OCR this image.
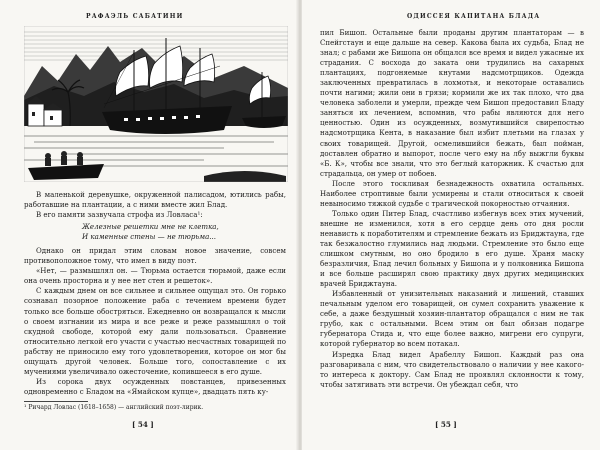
РАФАЭЛЬ САБАТИНИ

В маленькой деревушке, окруженной палисадом, ютились рабы, работавшие на плантации, а с ними вместе жил Блад.

В его памяти зазвучала строфа из Ловласа¹:

Железные решетки мне не клетка,
И каменные стены — не тюрьма...

Однако он придал этим словам новое значение, совсем противоположное тому, что имел в виду поэт.

«Нет, — размышлял он. — Тюрьма остается тюрьмой, даже если она очень просторна и у нее нет стен и решеток».

С каждым днем он все сильнее и сильнее ощущал это. Он горько сознавал позорное положение раба с течением времени будет только все больше обостряться. Ежедневно он возвращался к мысли о своем изгнании из мира и все реже и реже размышлял о той скудной свободе, которой ему дали пользоваться. Сравнение относительно легкой его участи с участью несчастных товарищей по рабству не приносило ему того удовлетворения, которое он мог бы ощущать другой человек. Больше того, сопоставление с их мучениями увеличивало ожесточение, копившееся в его душе.

Из сорока двух осужденных повстанцев, привезенных одновременно с Бладом на «Ямайском купце», двадцать пять ку-

¹ Ричард Ловлас (1618–1658) — английский поэт-лирик.
[ 54 ]
ОДИССЕЯ КАПИТАНА БЛАДА

пил Бишоп. Остальные были проданы другим плантаторам — в Спейгстаун и еще дальше на север. Какова была их судьба, Блад не знал; с рабами же Бишопа он общался все время и видел ужасные их страдания. С восхода до заката они трудились на сахарных плантациях, подгоняемые кнутами надсмотрщиков. Одежда заключенных превратилась в лохмотья, и некоторые оставались почти нагими; жили они в грязи; кормили же их так плохо, что два человека заболели и умерли, прежде чем Бишоп предоставил Бладу заняться их лечением, вспомнив, что рабы являются для него ценностью. Один из осужденных, возмутившийся свирепостью надсмотрщика Кента, в наказание был избит плетьми на глазах у своих товарищей. Другой, осмелившийся бежать, был пойман, доставлен обратно и выпорот, после чего ему на лбу выжгли буквы «Б. К», чтобы все знали, что это беглый каторжник. К счастью для страдальца, он умер от побоев.

После этого тоскливая безнадежность охватила остальных. Наиболее строптивые были усмирены и стали относиться к своей невыносимо тяжкой судьбе с трагической покорностью отчаяния.

Только один Питер Блад, счастливо избегнув всех этих мучений, внешне не изменился, хотя в его сердце день ото дня росли ненависть к поработителям и стремление бежать из Бриджтауна, где так безжалостно глумились над людьми. Стремление это было еще слишком смутным, но оно бродило в его душе. Храня маску безразличия, Блад лечил больных у Бишопа и у полковника Бишопа и все больше расширял свою практику двух других медицинских врачей Бриджтауна.

Избавленный от унизительных наказаний и лишений, ставших печальным уделом его товарищей, он сумел сохранить уважение к себе, а даже бездушный хозяин-плантатор обращался с ним не так грубо, как с остальными. Всем этим он был обязан подагре губернатора Стида и, что еще более важно, мигрени его супруги, которой губернатор во всем потакал.

Изредка Блад видел Арабеллу Бишоп. Каждый раз она разговаривала с ним, что свидетельствовало о наличии у нее какого-то интереса к доктору. Сам Блад не проявлял склонности к тому, чтобы затягивать эти встречи. Он убеждал себя, что

[ 55 ]
